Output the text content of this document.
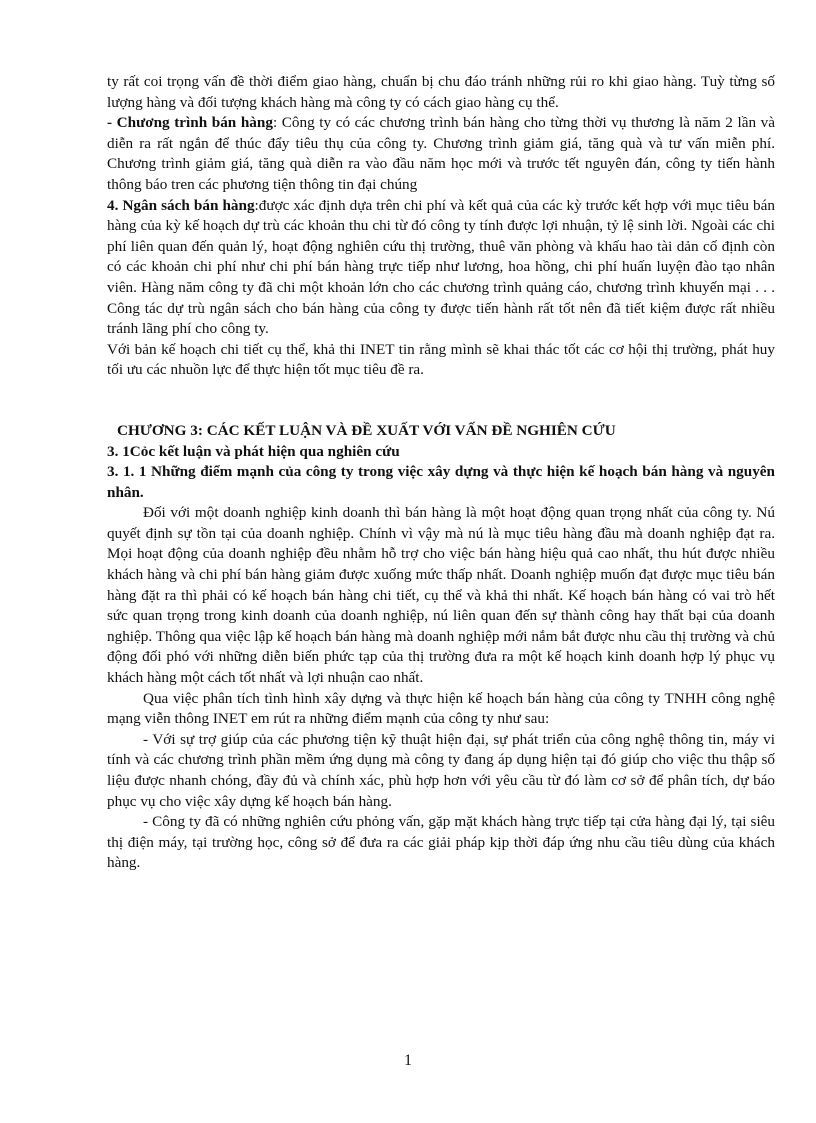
ty rất coi trọng vấn đề thời điểm giao hàng, chuẩn bị chu đáo tránh những rủi ro khi giao hàng. Tuỳ từng số lượng hàng và đối tượng khách hàng mà công ty có cách giao hàng cụ thể.

- Chương trình bán hàng: Công ty có các chương trình bán hàng cho từng thời vụ thương là năm 2 lần và diễn ra rất ngắn để thúc đẩy tiêu thụ của công ty. Chương trình giảm giá, tăng quà và tư vấn miễn phí. Chương trình giảm giá, tăng quà diễn ra vào đầu năm học mới và trước tết nguyên đán, công ty tiến hành thông báo tren các phương tiện thông tin đại chúng

4. Ngân sách bán hàng:được xác định dựa trên chi phí và kết quả của các kỳ trước kết hợp với mục tiêu bán hàng của kỳ kế hoạch dự trù các khoản thu chi từ đó công ty tính được lợi nhuận, tỷ lệ sinh lời. Ngoài các chi phí liên quan đến quản lý, hoạt động nghiên cứu thị trường, thuê văn phòng và khấu hao tài dản cố định còn có các khoản chi phí như chi phí bán hàng trực tiếp như lương, hoa hồng, chi phí huấn luyện đào tạo nhân viên. Hàng năm công ty đã chi một khoản lớn cho các chương trình quảng cáo, chương trình khuyến mại . . . Công tác dự trù ngân sách cho bán hàng của công ty được tiến hành rất tốt nên đã tiết kiệm được rất nhiều tránh lãng phí cho công ty.

Với bản kế hoạch chi tiết cụ thể, khả thi INET tin rằng mình sẽ khai thác tốt các cơ hội thị trường, phát huy tối ưu các nhuồn lực để thực hiện tốt mục tiêu đề ra.

CHƯƠNG 3: CÁC KẾT LUẬN VÀ ĐỀ XUẤT VỚI VẤN ĐỀ NGHIÊN CỨU

3. 1Cỏc kết luận và phát hiện qua nghiên cứu

3. 1. 1 Những điểm mạnh của công ty trong việc xây dựng và thực hiện kế hoạch bán hàng và nguyên nhân.

Đối với một doanh nghiệp kinh doanh thì bán hàng là một hoạt động quan trọng nhất của công ty. Nú quyết định sự tồn tại của doanh nghiệp. Chính vì vậy mà nú là mục tiêu hàng đầu mà doanh nghiệp đạt ra. Mọi hoạt động của doanh nghiệp đều nhằm hỗ trợ cho việc bán hàng hiệu quả cao nhất, thu hút được nhiều khách hàng và chi phí bán hàng giảm được xuống mức thấp nhất. Doanh nghiệp muốn đạt được mục tiêu bán hàng đặt ra thì phải có kế hoạch bán hàng chi tiết, cụ thể và khả thi nhất. Kế hoạch bán hàng có vai trò hết sức quan trọng trong kinh doanh của doanh nghiệp, nú liên quan đến sự thành công hay thất bại của doanh nghiệp. Thông qua việc lập kế hoạch bán hàng mà doanh nghiệp mới nắm bắt được nhu cầu thị trường và chủ động đối phó với những diễn biến phức tạp của thị trường đưa ra một kế hoạch kinh doanh hợp lý phục vụ khách hàng một cách tốt nhất và lợi nhuận cao nhất.

Qua việc phân tích tình hình xây dựng và thực hiện kế hoạch bán hàng của công ty TNHH công nghệ mạng viễn thông INET em rút ra những điểm mạnh của công ty như sau:

- Với sự trợ giúp của các phương tiện kỹ thuật hiện đại, sự phát triển của công nghệ thông tin, máy vi tính và các chương trình phần mềm ứng dụng mà công ty đang áp dụng hiện tại đó giúp cho việc thu thập số liệu được nhanh chóng, đầy đủ và chính xác, phù hợp hơn với yêu cầu từ đó làm cơ sở để phân tích, dự báo phục vụ cho việc xây dựng kế hoạch bán hàng.

- Công ty đã có những nghiên cứu phỏng vấn, gặp mặt khách hàng trực tiếp tại cửa hàng đại lý, tại siêu thị điện máy, tại trường học, công sở để đưa ra các giải pháp kịp thời đáp ứng nhu cầu tiêu dùng của khách hàng.

1
